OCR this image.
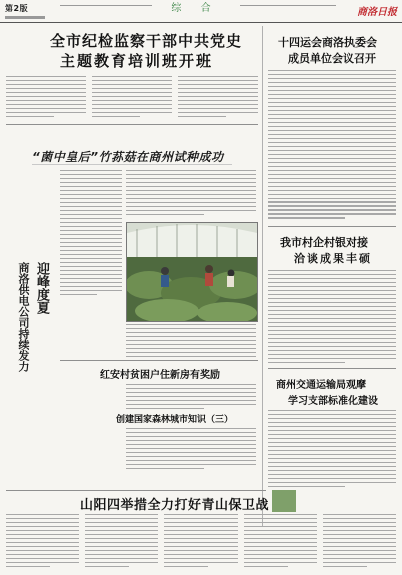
第2版	综 合	商洛日报
全市纪检监察干部中共党史
主题教育培训班开班
“菌中皇后”竹荪菇在商州试种成功
迎峰度夏
商洛供电公司持续发力
红安村贫困户住新房有奖励
创建国家森林城市知识（三）
十四运会商洛执委会
成员单位会议召开
我市村企村银对接
洽谈成果丰硕
商州交通运输局观摩
学习支部标准化建设
山阳四举措全力打好青山保卫战
